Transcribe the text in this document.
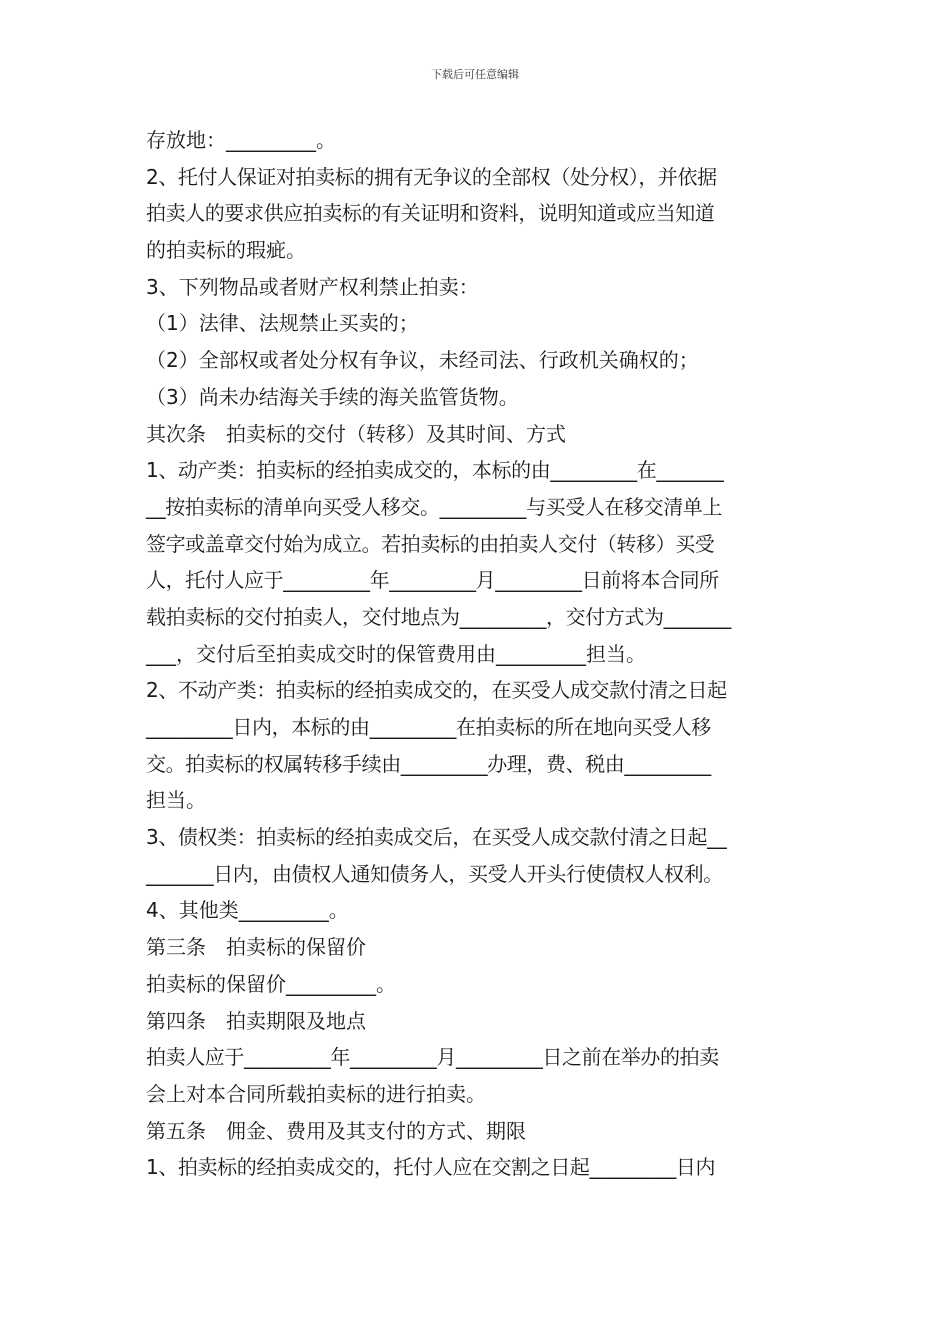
下载后可任意编辑
存放地：_________。
2、托付人保证对拍卖标的拥有无争议的全部权（处分权），并依据
拍卖人的要求供应拍卖标的有关证明和资料，说明知道或应当知道
的拍卖标的瑕疵。
3、下列物品或者财产权利禁止拍卖：
（1）法律、法规禁止买卖的；
（2）全部权或者处分权有争议，未经司法、行政机关确权的；
（3）尚未办结海关手续的海关监管货物。
其次条　拍卖标的交付（转移）及其时间、方式
1、动产类：拍卖标的经拍卖成交的，本标的由_________在_______
__按拍卖标的清单向买受人移交。_________与买受人在移交清单上
签字或盖章交付始为成立。若拍卖标的由拍卖人交付（转移）买受
人，托付人应于_________年_________月_________日前将本合同所
载拍卖标的交付拍卖人，交付地点为_________，交付方式为_______
___，交付后至拍卖成交时的保管费用由_________担当。
2、不动产类：拍卖标的经拍卖成交的，在买受人成交款付清之日起
_________日内，本标的由_________在拍卖标的所在地向买受人移
交。拍卖标的权属转移手续由_________办理，费、税由_________
担当。
3、债权类：拍卖标的经拍卖成交后，在买受人成交款付清之日起__
_______日内，由债权人通知债务人，买受人开头行使债权人权利。
4、其他类_________。
第三条　拍卖标的保留价
拍卖标的保留价_________。
第四条　拍卖期限及地点
拍卖人应于_________年_________月_________日之前在举办的拍卖
会上对本合同所载拍卖标的进行拍卖。
第五条　佣金、费用及其支付的方式、期限
1、拍卖标的经拍卖成交的，托付人应在交割之日起_________日内
